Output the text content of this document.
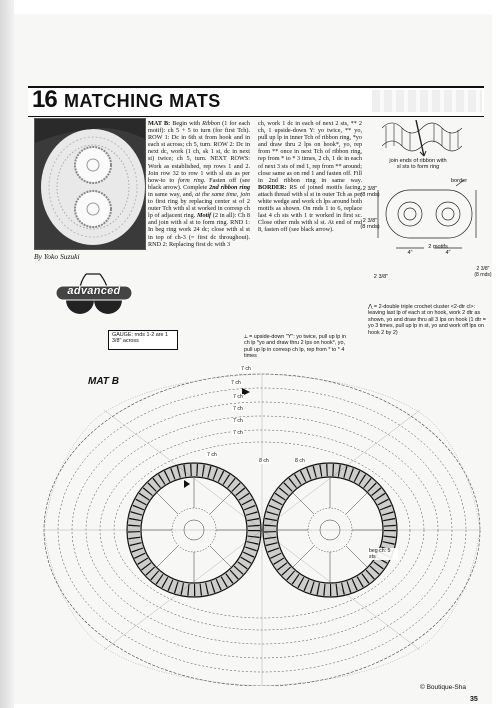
16 MATCHING MATS
By Yoko Suzuki
advanced
MAT B: Begin with Ribbon (1 for each motif): ch 5 + 5 to turn (for first Tch). ROW 1: Dc in 6th st from hook and in each st across; ch 5, turn. ROW 2: Dc in next dc, work (1 ch, sk 1 st, dc in next st) twice; ch 5, turn. NEXT ROWS: Work as established, rep rows 1 and 2. Join row 32 to row 1 with sl sts as per how-to to form ring. Fasten off (see black arrow). Complete 2nd ribbon ring in same way, and, at the same time, join to first ring by replacing center st of 2 outer Tch with sl st worked in corresp ch lp of adjacent ring. Motif (2 in all): Ch 8 and join with sl st to form ring. RND 1: In beg ring work 24 dc; close with sl st in top of ch-3 (= first dc throughout). RND 2: Replacing first dc with 3
ch, work 1 dc in each of next 2 sts, ** 2 ch, 1 upside-down Y: yo twice, ** yo, pull up lp in inner Tch of ribbon ring, *yo and draw thru 2 lps on hook*, yo, rep from ** once in next Tch of ribbon ring, rep from * to * 3 times, 2 ch, 1 dc in each of next 3 sts of rnd 1, rep from ** around; close same as on rnd 1 and fasten off. Fill in 2nd ribbon ring in same way. BORDER: RS of joined motifs facing, attach thread with sl st in outer Tch as per white wedge and work ch lps around both motifs as shown. On rnds 1 to 6, replace last 4 ch sts with 1 tr worked in first sc. Close other rnds with sl st. At end of rnd 8, fasten off (see black arrow).
join ends of ribbon with sl sts to form ring
border
2 motifs
2 3/8" (8 rnds)
2 3/8" (8 rnds)
4"	4"
2 3/8"
2 3/8" (8 rnds)
GAUGE: rnds 1-2 are 1 3/8" across
⟂ = upside-down "Y": yo twice, pull up lp in ch lp *yo and draw thru 2 lps on hook*, yo, pull up lp in corresp ch lp, rep from * to * 4 times
⋀ = 2-double triple crochet cluster <2-dtr cl>: leaving last lp of each st on hook, work 2 dtr as shown, yo and draw thru all 3 lps on hook (1 dtr = yo 3 times, pull up lp in st, yo and work off lps on hook 2 by 2)
MAT B
7 ch
7 ch
7 ch
7 ch
7 ch
7 ch
7 ch
8 ch	8 ch
beg ch: 5 sts
© Boutique-Sha
35
